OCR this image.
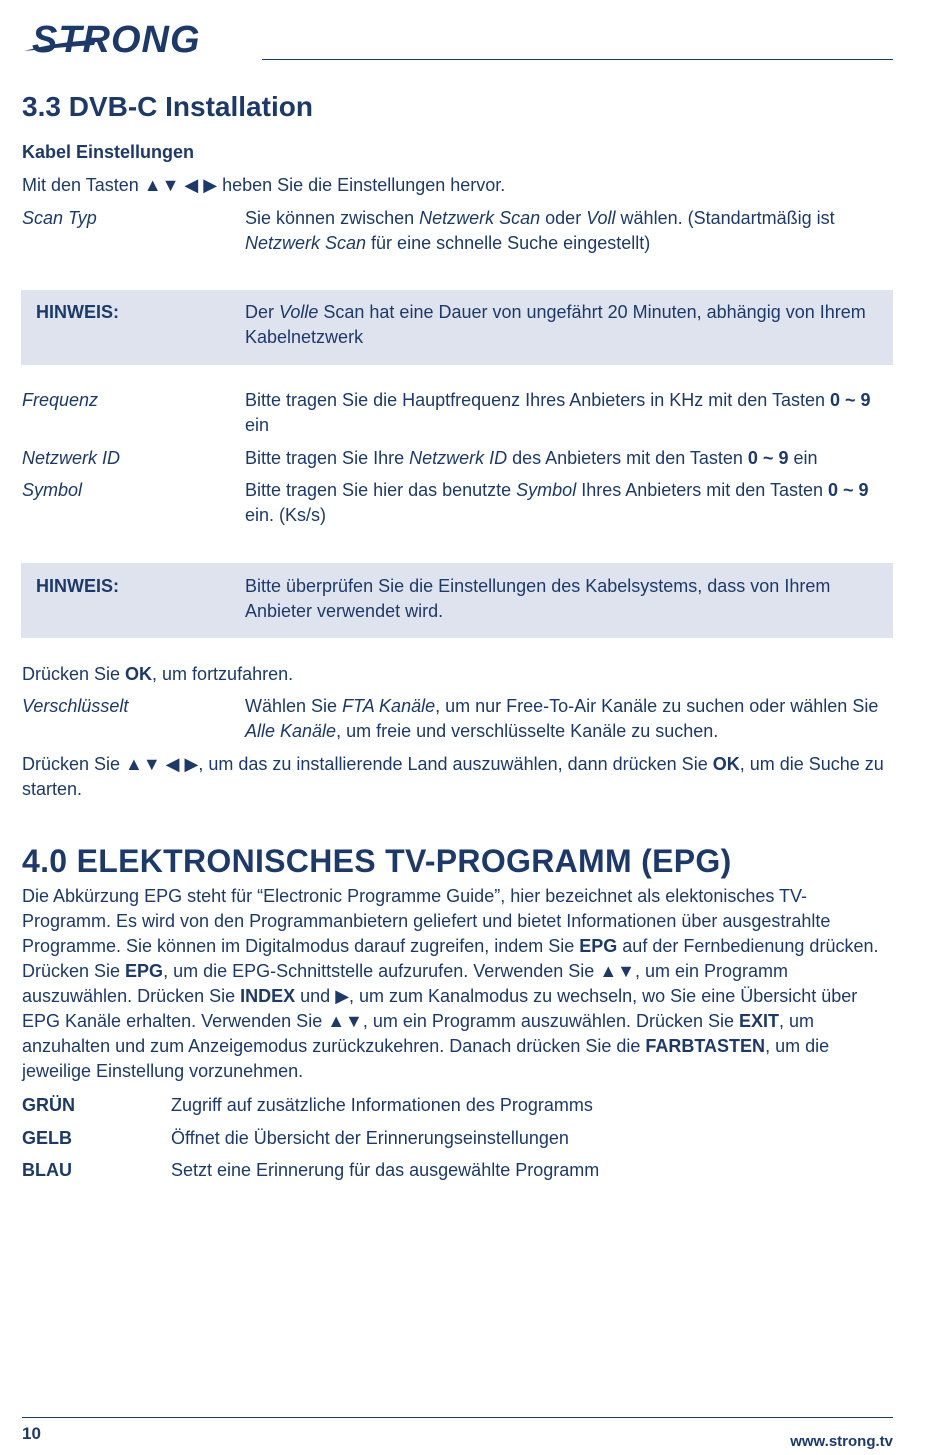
STRONG
3.3 DVB-C Installation
Kabel Einstellungen
Mit den Tasten ▲▼ ◀ ▶ heben Sie die Einstellungen hervor.
Scan Typ	Sie können zwischen Netzwerk Scan oder Voll wählen. (Standartmäßig ist Netzwerk Scan für eine schnelle Suche eingestellt)
HINWEIS:	Der Volle Scan hat eine Dauer von ungefährt 20 Minuten, abhängig von Ihrem Kabelnetzwerk
Frequenz	Bitte tragen Sie die Hauptfrequenz Ihres Anbieters in KHz mit den Tasten 0 ~ 9 ein
Netzwerk ID	Bitte tragen Sie Ihre Netzwerk ID des Anbieters mit den Tasten 0 ~ 9 ein
Symbol	Bitte tragen Sie hier das benutzte Symbol Ihres Anbieters mit den Tasten 0 ~ 9 ein. (Ks/s)
HINWEIS:	Bitte überprüfen Sie die Einstellungen des Kabelsystems, dass von Ihrem Anbieter verwendet wird.
Drücken Sie OK, um fortzufahren.
Verschlüsselt	Wählen Sie FTA Kanäle, um nur Free-To-Air Kanäle zu suchen oder wählen Sie Alle Kanäle, um freie und verschlüsselte Kanäle zu suchen.
Drücken Sie ▲▼ ◀ ▶, um das zu installierende Land auszuwählen, dann drücken Sie OK, um die Suche zu starten.
4.0 ELEKTRONISCHES TV-PROGRAMM (EPG)
Die Abkürzung EPG steht für “Electronic Programme Guide”, hier bezeichnet als elektonisches TV-Programm. Es wird von den Programmanbietern geliefert und bietet Informationen über ausgestrahlte Programme. Sie können im Digitalmodus darauf zugreifen, indem Sie EPG auf der Fernbedienung drücken. Drücken Sie EPG, um die EPG-Schnittstelle aufzurufen. Verwenden Sie ▲▼, um ein Programm auszuwählen. Drücken Sie INDEX und ▶, um zum Kanalmodus zu wechseln, wo Sie eine Übersicht über EPG Kanäle erhalten. Verwenden Sie ▲▼, um ein Programm auszuwählen. Drücken Sie EXIT, um anzuhalten und zum Anzeigemodus zurückzukehren. Danach drücken Sie die FARBTASTEN, um die jeweilige Einstellung vorzunehmen.
GRÜN	Zugriff auf zusätzliche Informationen des Programms
GELB	Öffnet die Übersicht der Erinnerungseinstellungen
BLAU	Setzt eine Erinnerung für das ausgewählte Programm
10	www.strong.tv
